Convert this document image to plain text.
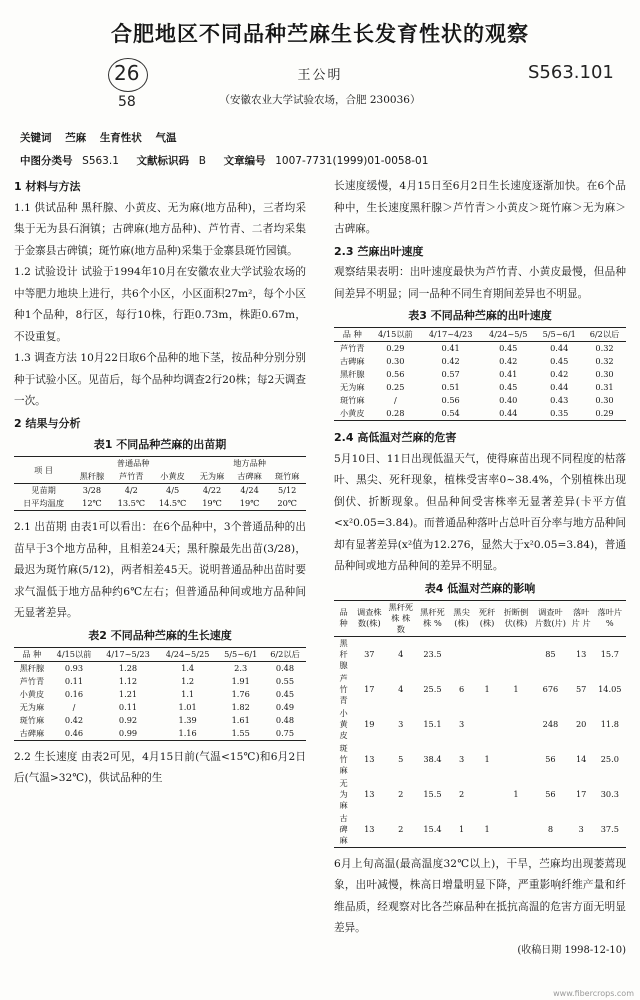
合肥地区不同品种苎麻生长发育性状的观察
26
58
S563.101
王公明
（安徽农业大学试验农场，合肥 230036）
关键词 苎麻 生育性状 气温
中图分类号 S563.1 文献标识码 B 文章编号 1007-7731(1999)01-0058-01
1 材料与方法

1.1 供试品种 黑秆腺、小黄皮、无为麻(地方品种)，三者均采集于无为县石涧镇；古碑麻(地方品种)、芦竹青、二者均采集于金寨县古碑镇；斑竹麻(地方品种)采集于金寨县斑竹园镇。

1.2 试验设计 试验于1994年10月在安徽农业大学试验农场的中等肥力地块上进行，共6个小区，小区面积27m²，每个小区种1个品种，8行区，每行10株，行距0.73m，株距0.67m，不设重复。

1.3 调查方法 10月22日取6个品种的地下茎，按品种分别分别种于试验小区。见苗后，每个品种均调查2行20株；每2天调查一次。

2 结果与分析
表1 不同品种苎麻的出苗期
项 目	普通品种			地方品种		
	黑秆腺	芦竹青	小黄皮	无为麻	古碑麻	斑竹麻
见苗期	3/28	4/2	4/5	4/22	4/24	5/12
日平均温度	12℃	13.5℃	14.5℃	19℃	19℃	20℃

2.1 出苗期 由表1可以看出：在6个品种中，3个普通品种的出苗早于3个地方品种，且相差24天；黑秆腺最先出苗(3/28)，最迟为斑竹麻(5/12)，两者相差45天。说明普通品种出苗时要求气温低于地方品种约6℃左右；但普通品种间或地方品种间无显著差异。

表2 不同品种苎麻的生长速度
品 种	4/15以前	4/17~5/23	4/24~5/25	5/5~6/1	6/2以后
黑秆腺	0.93	1.28	1.4	2.3	0.48
芦竹青	0.11	1.12	1.2	1.91	0.55
小黄皮	0.16	1.21	1.1	1.76	0.45
无为麻	/	0.11	1.01	1.82	0.49
斑竹麻	0.42	0.92	1.39	1.61	0.48
古碑麻	0.46	0.99	1.16	1.55	0.75

2.2 生长速度 由表2可见，4月15日前(气温<15℃)和6月2日后(气温>32℃)，供试品种的生

长速度缓慢，4月15日至6月2日生长速度逐渐加快。在6个品种中，生长速度黑秆腺＞芦竹青＞小黄皮＞斑竹麻＞无为麻＞古碑麻。

2.3 苎麻出叶速度

观察结果表明：出叶速度最快为芦竹青、小黄皮最慢，但品种间差异不明显；同一品种不同生育期间差异也不明显。

表3 不同品种苎麻的出叶速度
品 种	4/15以前	4/17~4/23	4/24~5/5	5/5~6/1	6/2以后
芦竹青	0.29	0.41	0.45	0.44	0.32
古碑麻	0.30	0.42	0.42	0.45	0.32
黑秆腺	0.56	0.57	0.41	0.42	0.30
无为麻	0.25	0.51	0.45	0.44	0.31
斑竹麻	/	0.56	0.40	0.43	0.30
小黄皮	0.28	0.54	0.44	0.35	0.29
2.4 高低温对苎麻的危害

5月10日、11日出现低温天气，使得麻苗出现不同程度的枯落叶、黑尖、死秆现象，植株受害率0~38.4%，个别植株出现倒伏、折断现象。但品种间受害株率无显著差异(卡平方值<x²0.05=3.84)。而普通品种落叶占总叶百分率与地方品种间却有显著差异(x²值为12.276，显然大于x²0.05=3.84)，普通品种间或地方品种间的差异不明显。

表4 低温对苎麻的影响
品种	调查株数(株)	黑秆死株 株数	黑秆死株 %	黑尖(株)	死秆(株)	折断倒伏(株)	调查叶片数(片)	落叶片 片	落叶片 %
黑秆腺	37	4	23.5				85	13	15.7
芦竹青	17	4	25.5	6	1	1	676	57	14.05
小黄皮	19	3	15.1	3			248	20	11.8
斑竹麻	13	5	38.4	3	1		56	14	25.0
无为麻	13	2	15.5	2		1	56	17	30.3
古碑麻	13	2	15.4	1	1		8	3	37.5

6月上旬高温(最高温度32℃以上)，干旱，苎麻均出现萎蔫现象，出叶减慢，株高日增量明显下降，严重影响纤维产量和纤维品质，经观察对比各苎麻品种在抵抗高温的危害方面无明显差异。

(收稿日期 1998-12-10)
www.fibercrops.com
